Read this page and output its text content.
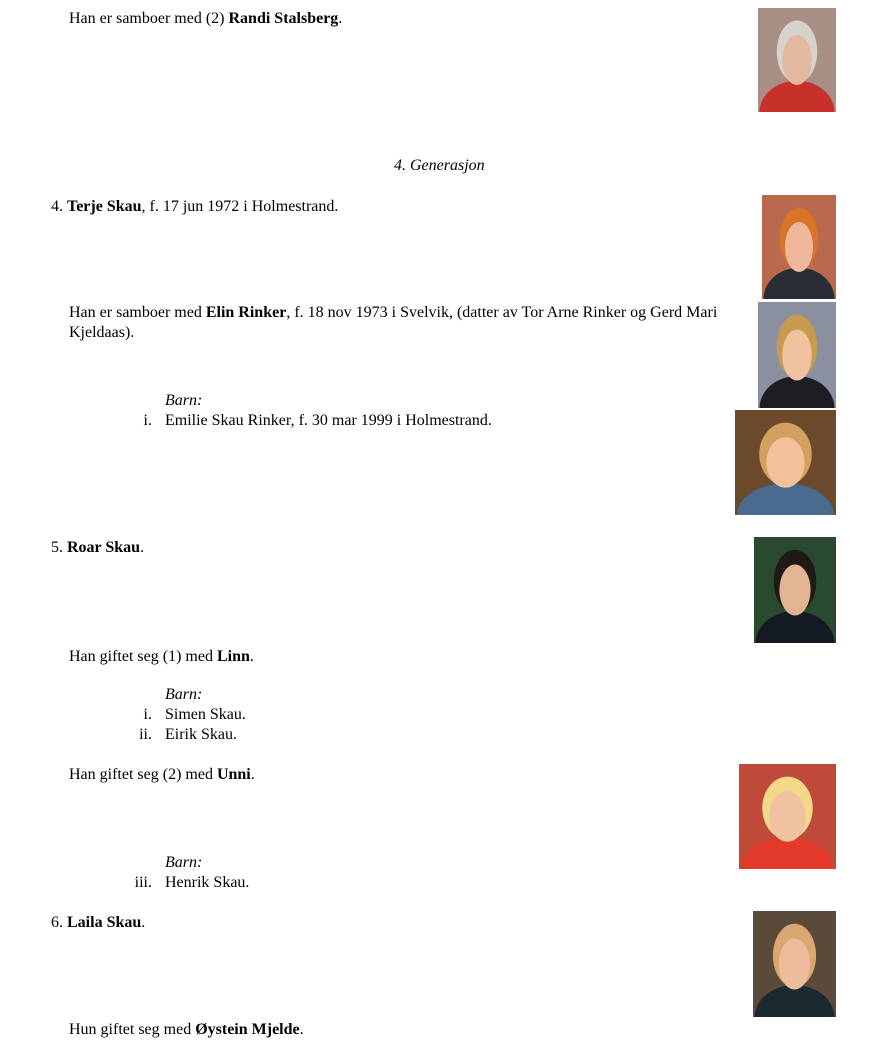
Han er samboer med (2) Randi Stalsberg.
4. Generasjon
4. Terje Skau, f. 17 jun 1972 i Holmestrand.
Han er samboer med Elin Rinker, f. 18 nov 1973 i Svelvik, (datter av Tor Arne Rinker og Gerd Mari
Kjeldaas).
Barn:
i. Emilie Skau Rinker, f. 30 mar 1999 i Holmestrand.
5. Roar Skau.
Han giftet seg (1) med Linn.
Barn:
i. Simen Skau.
ii. Eirik Skau.
Han giftet seg (2) med Unni.
Barn:
iii. Henrik Skau.
6. Laila Skau.
Hun giftet seg med Øystein Mjelde.
